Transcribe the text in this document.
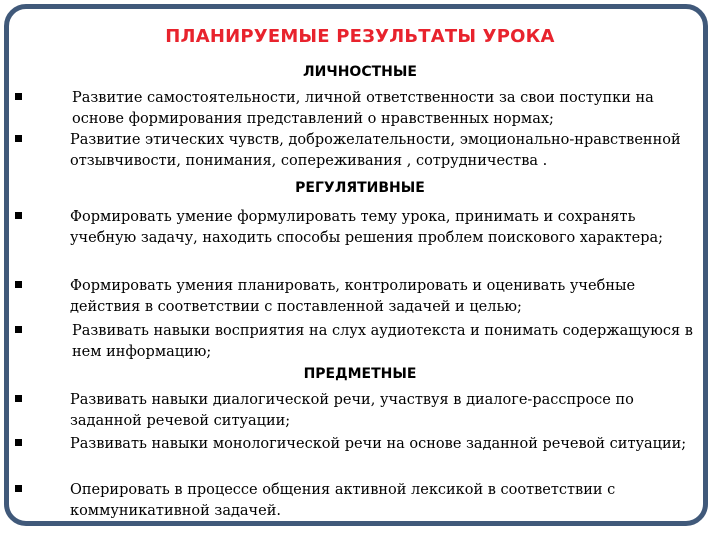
ПЛАНИРУЕМЫЕ РЕЗУЛЬТАТЫ УРОКА
ЛИЧНОСТНЫЕ

Развитие самостоятельности, личной ответственности за свои поступки на основе формирования представлений о нравственных нормах;

Развитие этических чувств, доброжелательности, эмоционально-нравственной отзывчивости, понимания, сопереживания , сотрудничества .

РЕГУЛЯТИВНЫЕ

Формировать умение формулировать тему урока, принимать и сохранять учебную задачу, находить способы решения проблем поискового характера;

Формировать умения планировать, контролировать и оценивать учебные действия в соответствии с поставленной задачей и целью;

Развивать навыки восприятия на слух аудиотекста и понимать содержащуюся в нем информацию;

ПРЕДМЕТНЫЕ

Развивать навыки диалогической речи, участвуя в диалоге-расспросе по заданной речевой ситуации;

Развивать навыки монологической речи на основе заданной речевой ситуации;

Оперировать в процессе общения активной лексикой в соответствии с коммуникативной задачей.
